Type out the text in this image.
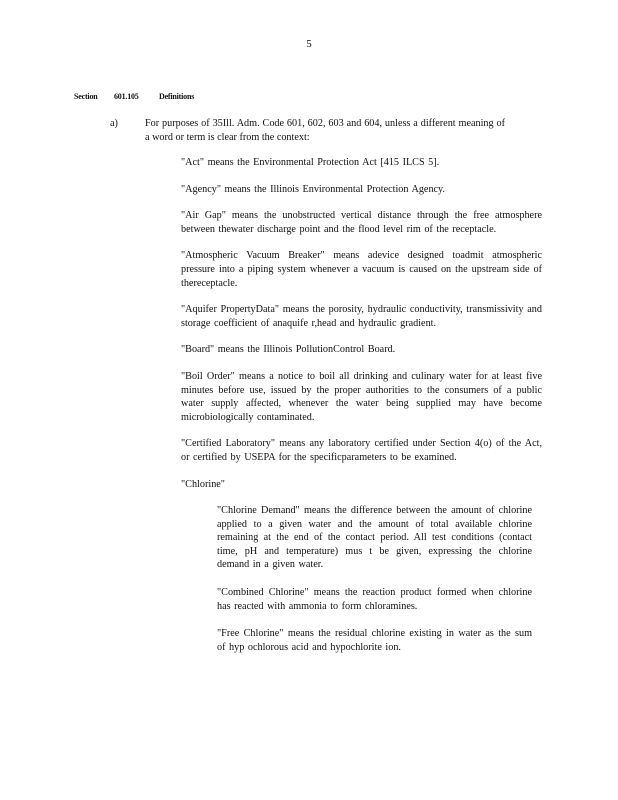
5
Section 601.105	Definitions
a)	For purposes of 35Ill. Adm. Code 601, 602, 603 and 604, unless a different meaning of a word or term is clear from the context:

"Act" means the Environmental Protection Act [415 ILCS 5].

"Agency" means the Illinois Environmental Protection Agency.

"Air Gap" means the unobstructed vertical distance through the free atmosphere between thewater discharge point and the flood level rim of the receptacle.

"Atmospheric Vacuum Breaker" means adevice designed toadmit atmospheric pressure into a piping system whenever a vacuum is caused on the upstream side of thereceptacle.

"Aquifer PropertyData" means the porosity, hydraulic conductivity, transmissivity and storage coefficient of anaquife r,head and hydraulic gradient.

"Board" means the Illinois PollutionControl Board.

"Boil Order" means a notice to boil all drinking and culinary water for at least five minutes before use, issued by the proper authorities to the consumers of a public water supply affected, whenever the water being supplied may have become microbiologically contaminated.

"Certified Laboratory" means any laboratory certified under Section 4(o) of the Act, or certified by USEPA for the specificparameters to be examined.

"Chlorine"

"Chlorine Demand" means the difference between the amount of chlorine applied to a given water and the amount of total available chlorine remaining at the end of the contact period. All test conditions (contact time, pH and temperature) mus t be given, expressing the chlorine demand in a given water.

"Combined Chlorine" means the reaction product formed when chlorine has reacted with ammonia to form chloramines.

"Free Chlorine" means the residual chlorine existing in water as the sum of hyp ochlorous acid and hypochlorite ion.
